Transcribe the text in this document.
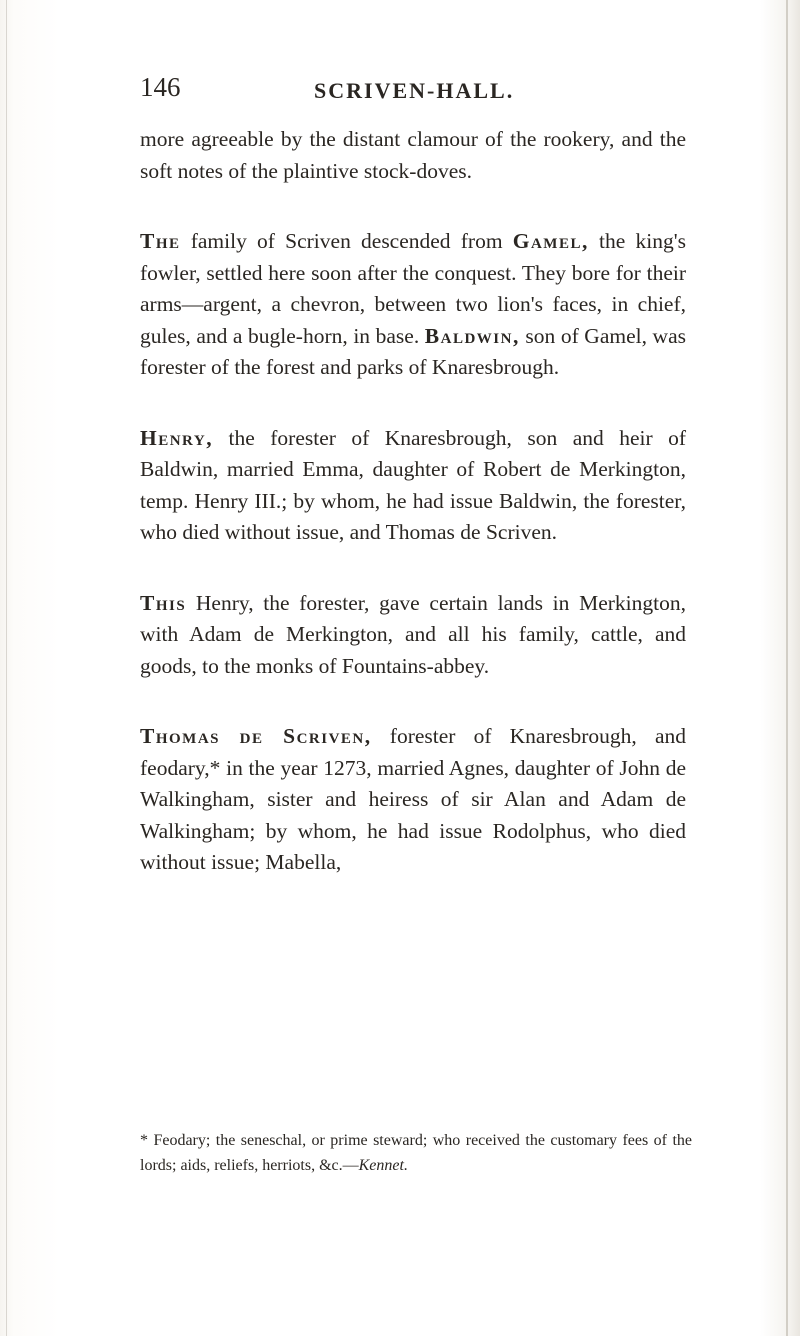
146	SCRIVEN-HALL.

more agreeable by the distant clamour of the rookery, and the soft notes of the plaintive stock-doves.

The family of Scriven descended from Gamel, the king's fowler, settled here soon after the conquest. They bore for their arms—argent, a chevron, between two lion's faces, in chief, gules, and a bugle-horn, in base. Baldwin, son of Gamel, was forester of the forest and parks of Knaresbrough.

Henry, the forester of Knaresbrough, son and heir of Baldwin, married Emma, daughter of Robert de Merkington, temp. Henry III.; by whom, he had issue Baldwin, the forester, who died without issue, and Thomas de Scriven.

This Henry, the forester, gave certain lands in Merkington, with Adam de Merkington, and all his family, cattle, and goods, to the monks of Fountains-abbey.

Thomas de Scriven, forester of Knaresbrough, and feodary,* in the year 1273, married Agnes, daughter of John de Walkingham, sister and heiress of sir Alan and Adam de Walkingham; by whom, he had issue Rodolphus, who died without issue; Mabella,

* Feodary; the seneschal, or prime steward; who received the customary fees of the lords; aids, reliefs, herriots, &c.—Kennet.
